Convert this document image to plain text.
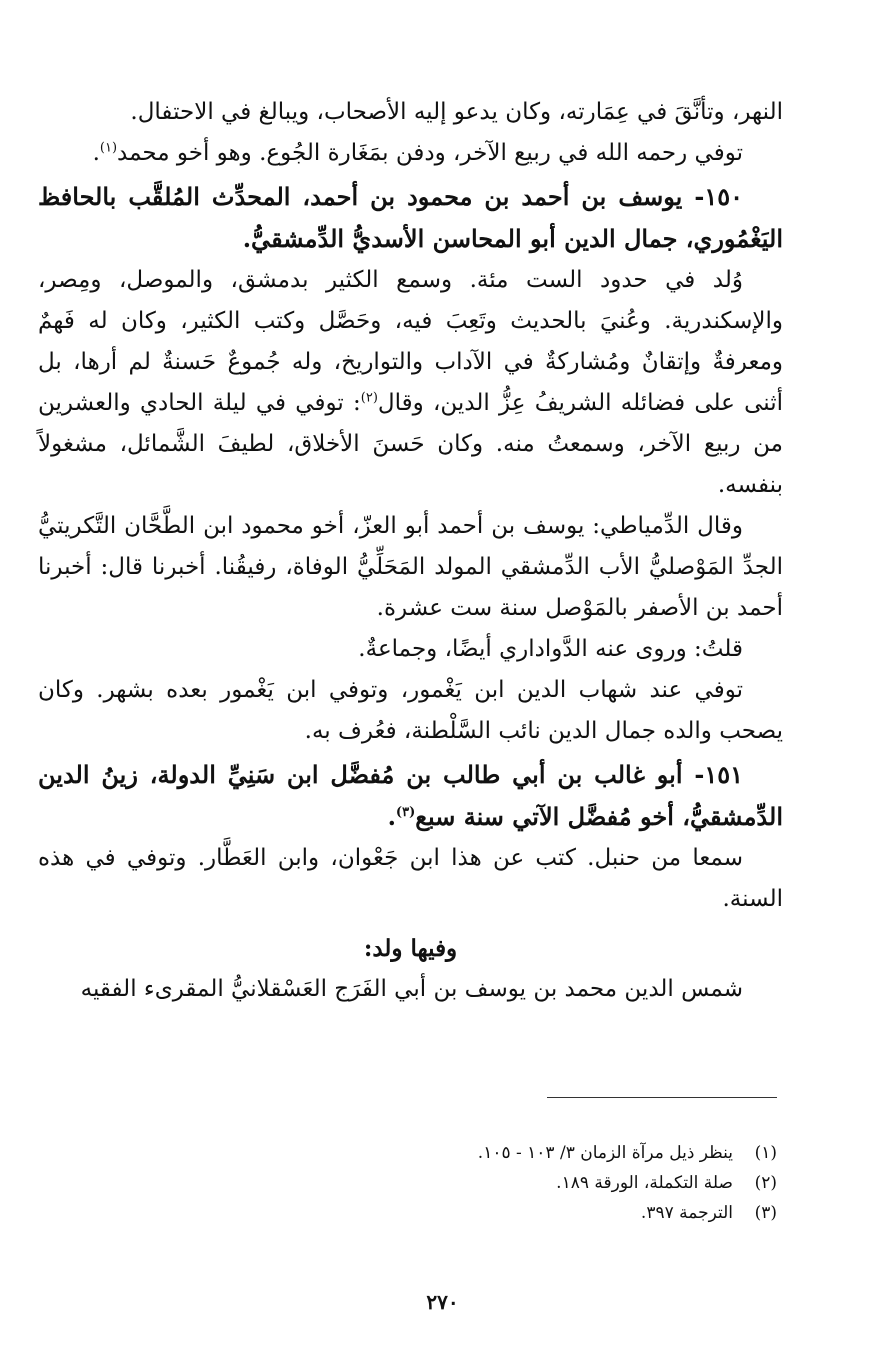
النهر، وتأنَّقَ في عِمَارته، وكان يدعو إليه الأصحاب، ويبالغ في الاحتفال.

توفي رحمه الله في ربيع الآخر، ودفن بمَغَارة الجُوع. وهو أخو محمد$^{(١)}$.

١٥٠- يوسف بن أحمد بن محمود بن أحمد، المحدِّث المُلقَّب بالحافظ اليَغْمُوري، جمال الدين أبو المحاسن الأسديُّ الدِّمشقيُّ.

وُلد في حدود الست مئة. وسمع الكثير بدمشق، والموصل، ومِصر، والإسكندرية. وعُنيَ بالحديث وتَعِبَ فيه، وحَصَّل وكتب الكثير، وكان له فَهمٌ ومعرفةٌ وإتقانٌ ومُشاركةٌ في الآداب والتواريخ، وله جُموعٌ حَسنةٌ لم أرها، بل أثنى على فضائله الشريفُ عِزُّ الدين، وقال$^{(٢)}$: توفي في ليلة الحادي والعشرين من ربيع الآخر، وسمعتُ منه. وكان حَسنَ الأخلاق، لطيفَ الشَّمائل، مشغولاً بنفسه.

وقال الدِّمياطي: يوسف بن أحمد أبو العزّ، أخو محمود ابن الطَّحَّان التَّكريتيُّ الجدِّ المَوْصليُّ الأب الدِّمشقي المولد المَحَلِّيُّ الوفاة، رفيقُنا. أخبرنا قال: أخبرنا أحمد بن الأصفر بالمَوْصل سنة ست عشرة.

قلتُ: وروى عنه الدَّواداري أيضًا، وجماعةٌ.

توفي عند شهاب الدين ابن يَغْمور، وتوفي ابن يَغْمور بعده بشهر. وكان يصحب والده جمال الدين نائب السَّلْطنة، فعُرف به.

١٥١- أبو غالب بن أبي طالب بن مُفضَّل ابن سَنِيِّ الدولة، زينُ الدين الدِّمشقيُّ، أخو مُفضَّل الآتي سنة سبع$^{(٣)}$.

سمعا من حنبل. كتب عن هذا ابن جَعْوان، وابن العَطَّار. وتوفي في هذه السنة.

وفيها ولد:

شمس الدين محمد بن يوسف بن أبي الفَرَج العَسْقلانيُّ المقرىء الفقيه

(١)ينظر ذيل مرآة الزمان ٣/ ١٠٣ - ١٠٥.

(٢)صلة التكملة، الورقة ١٨٩.

(٣)الترجمة ٣٩٧.

٢٧٠
